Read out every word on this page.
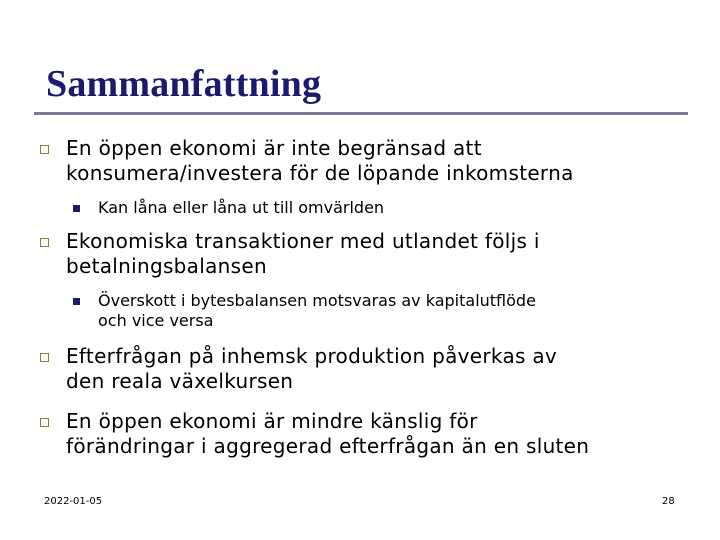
Sammanfattning
En öppen ekonomi är inte begränsad att
konsumera/investera för de löpande inkomsterna
Kan låna eller låna ut till omvärlden
Ekonomiska transaktioner med utlandet följs i
betalningsbalansen
Överskott i bytesbalansen motsvaras av kapitalutflöde
och vice versa
Efterfrågan på inhemsk produktion påverkas av
den reala växelkursen
En öppen ekonomi är mindre känslig för
förändringar i aggregerad efterfrågan än en sluten
2022-01-05	28
